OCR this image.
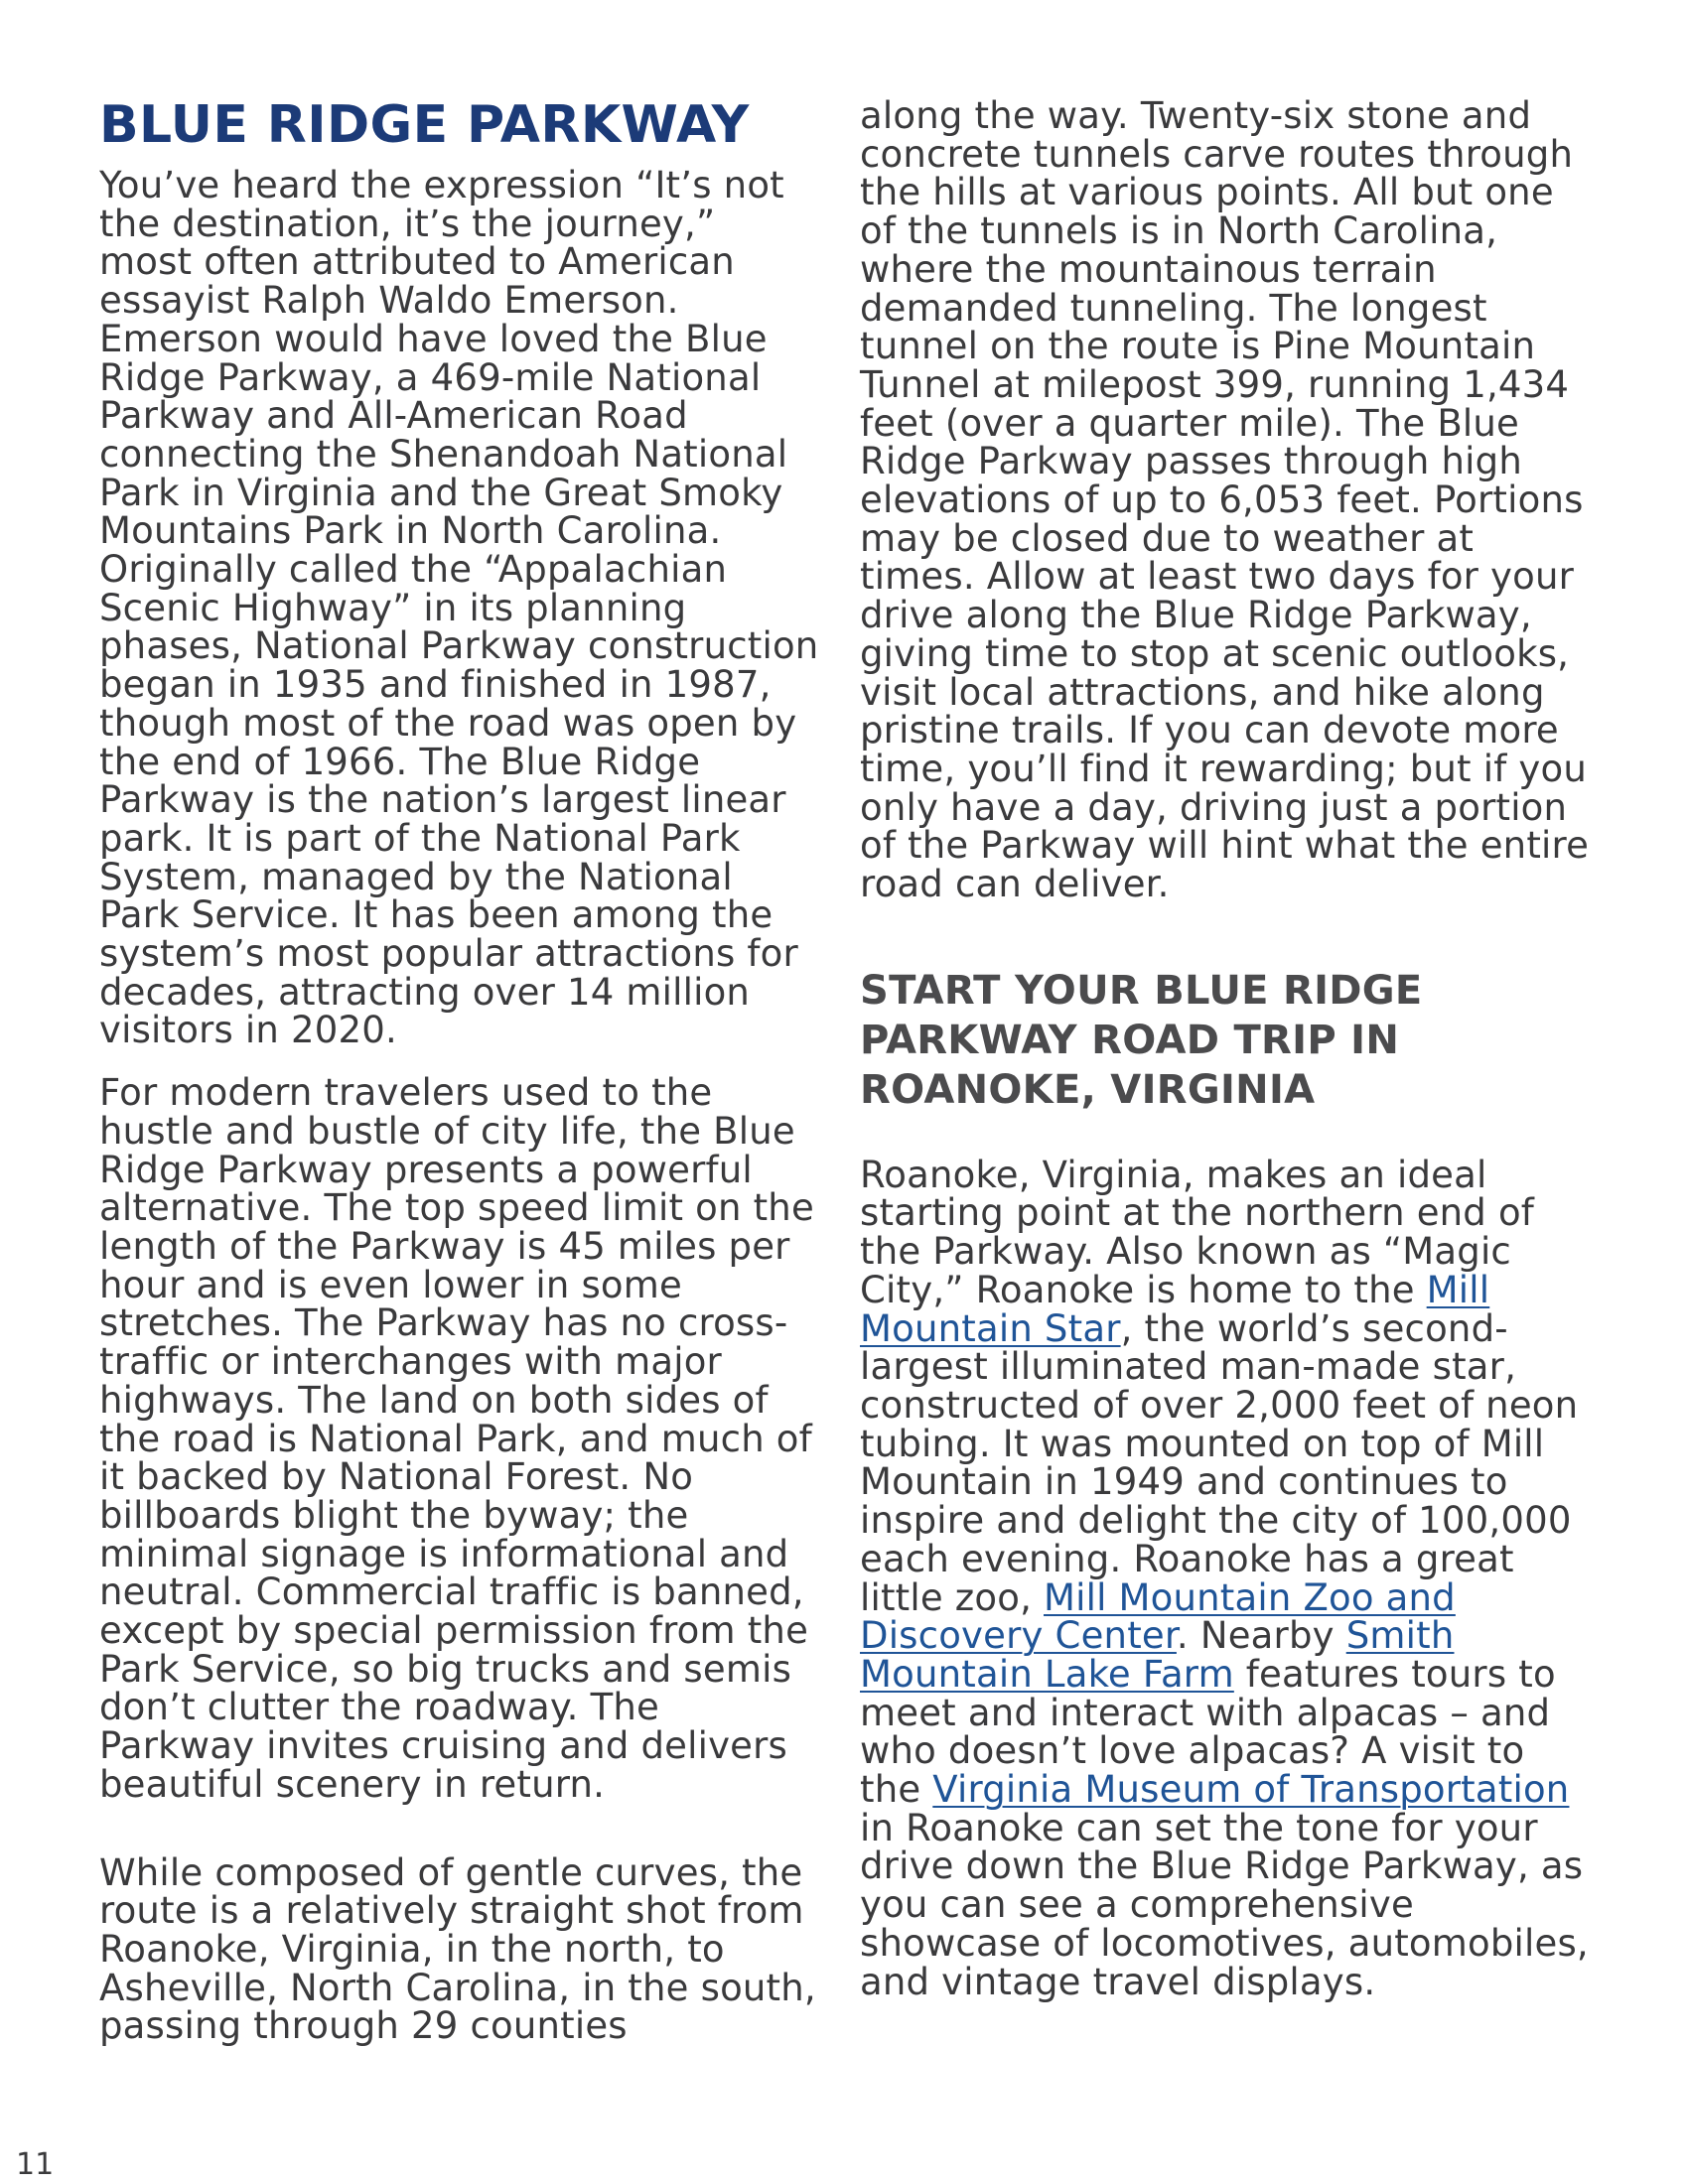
BLUE RIDGE PARKWAY

You’ve heard the expression “It’s not the destination, it’s the journey,” most often attributed to American essayist Ralph Waldo Emerson. Emerson would have loved the Blue Ridge Parkway, a 469-mile National Parkway and All-American Road connecting the Shenandoah National Park in Virginia and the Great Smoky Mountains Park in North Carolina. Originally called the “Appalachian Scenic Highway” in its planning phases, National Parkway construction began in 1935 and finished in 1987, though most of the road was open by the end of 1966. The Blue Ridge Parkway is the nation’s largest linear park. It is part of the National Park System, managed by the National Park Service. It has been among the system’s most popular attractions for decades, attracting over 14 million visitors in 2020.

For modern travelers used to the hustle and bustle of city life, the Blue Ridge Parkway presents a powerful alternative. The top speed limit on the length of the Parkway is 45 miles per hour and is even lower in some stretches. The Parkway has no cross-traffic or interchanges with major highways. The land on both sides of the road is National Park, and much of it backed by National Forest. No billboards blight the byway; the minimal signage is informational and neutral. Commercial traffic is banned, except by special permission from the Park Service, so big trucks and semis don’t clutter the roadway. The Parkway invites cruising and delivers beautiful scenery in return.

While composed of gentle curves, the route is a relatively straight shot from Roanoke, Virginia, in the north, to Asheville, North Carolina, in the south, passing through 29 counties

along the way. Twenty-six stone and concrete tunnels carve routes through the hills at various points. All but one of the tunnels is in North Carolina, where the mountainous terrain demanded tunneling. The longest tunnel on the route is Pine Mountain Tunnel at milepost 399, running 1,434 feet (over a quarter mile). The Blue Ridge Parkway passes through high elevations of up to 6,053 feet. Portions may be closed due to weather at times. Allow at least two days for your drive along the Blue Ridge Parkway, giving time to stop at scenic outlooks, visit local attractions, and hike along pristine trails. If you can devote more time, you’ll find it rewarding; but if you only have a day, driving just a portion of the Parkway will hint what the entire road can deliver.

START YOUR BLUE RIDGE PARKWAY ROAD TRIP IN ROANOKE, VIRGINIA

Roanoke, Virginia, makes an ideal starting point at the northern end of the Parkway. Also known as “Magic City,” Roanoke is home to the Mill Mountain Star, the world’s second-largest illuminated man-made star, constructed of over 2,000 feet of neon tubing. It was mounted on top of Mill Mountain in 1949 and continues to inspire and delight the city of 100,000 each evening. Roanoke has a great little zoo, Mill Mountain Zoo and Discovery Center. Nearby Smith Mountain Lake Farm features tours to meet and interact with alpacas – and who doesn’t love alpacas? A visit to the Virginia Museum of Transportation in Roanoke can set the tone for your drive down the Blue Ridge Parkway, as you can see a comprehensive showcase of locomotives, automobiles, and vintage travel displays.

11
